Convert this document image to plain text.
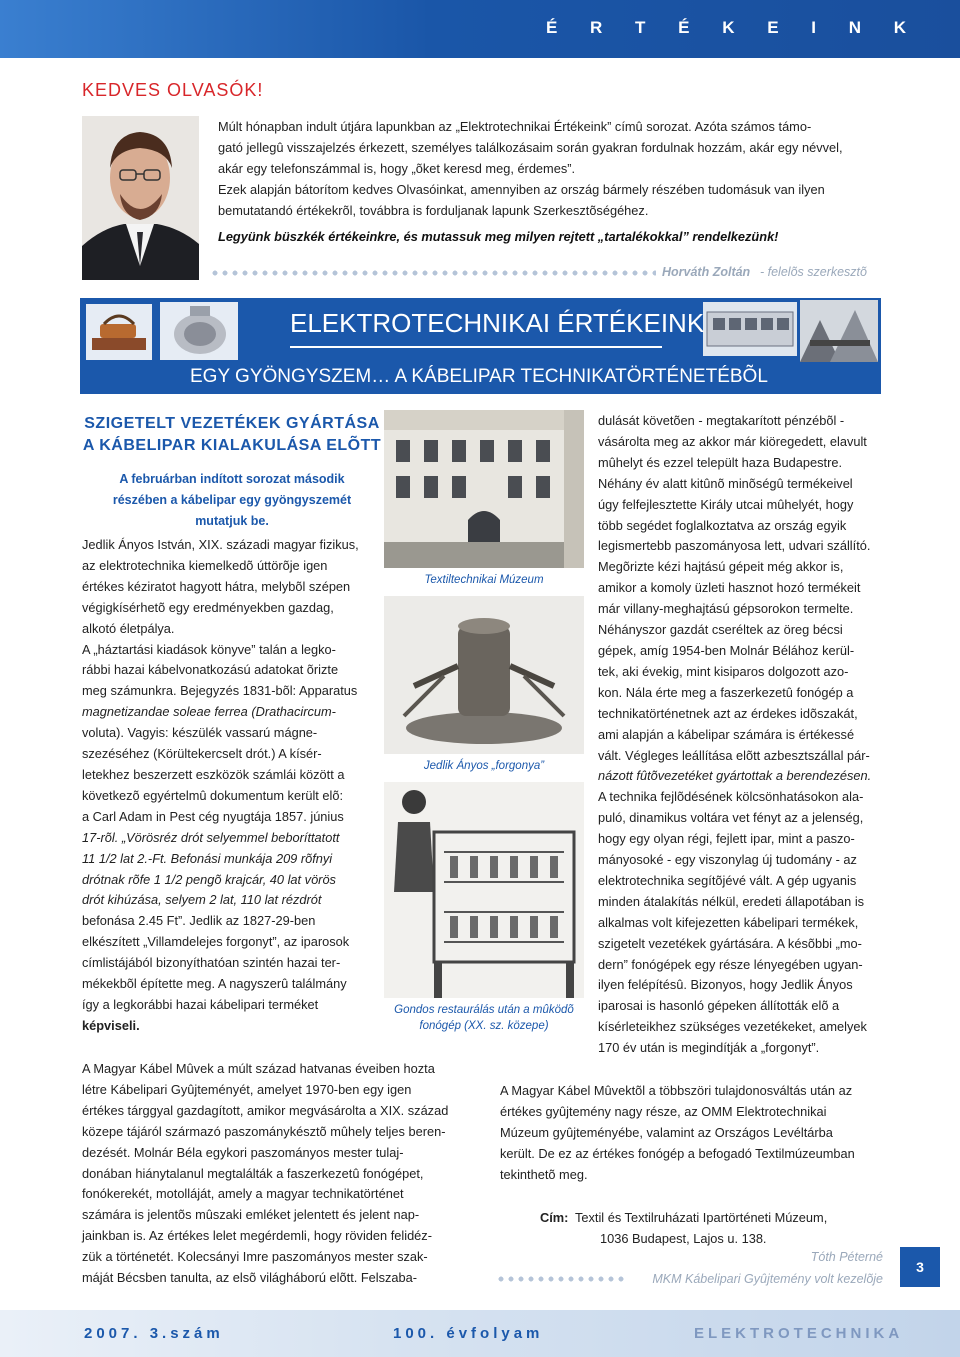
É R T É K E I N K
KEDVES OLVASÓK!
Múlt hónapban indult útjára lapunkban az „Elektrotechnikai Értékeink” címû sorozat. Azóta számos támo-
gató jellegû visszajelzés érkezett, személyes találkozásaim során gyakran fordulnak hozzám, akár egy névvel,
akár egy telefonszámmal is, hogy „õket keresd meg, érdemes”.
Ezek alapján bátorítom kedves Olvasóinkat, amennyiben az ország bármely részében tudomásuk van ilyen
bemutatandó értékekrõl, továbbra is forduljanak lapunk Szerkesztõségéhez.
Legyünk büszkék értékeinkre, és mutassuk meg milyen rejtett „tartalékokkal” rendelkezünk!
Horváth Zoltán - felelõs szerkesztõ
ELEKTROTECHNIKAI ÉRTÉKEINK
EGY GYÖNGYSZEM… A KÁBELIPAR TECHNIKATÖRTÉNETÉBÕL
SZIGETELT VEZETÉKEK GYÁRTÁSA
A KÁBELIPAR KIALAKULÁSA ELÕTT
A februárban indított sorozat második
részében a kábelipar egy gyöngyszemét
mutatjuk be.
Jedlik Ányos István, XIX. századi magyar fizikus,
az elektrotechnika kiemelkedõ úttörõje igen
értékes kéziratot hagyott hátra, melybõl szépen
végigkísérhetõ egy eredményekben gazdag,
alkotó életpálya.
A „háztartási kiadások könyve” talán a legko-
rábbi hazai kábelvonatkozású adatokat õrizte
meg számunkra. Bejegyzés 1831-bõl: Apparatus
magnetizandae soleae ferrea (Drathacircum-
voluta). Vagyis: készülék vassarú mágne-
szezéséhez (Körültekercselt drót.) A kísér-
letekhez beszerzett eszközök számlái között a
következõ egyértelmû dokumentum került elõ:
a Carl Adam in Pest cég nyugtája 1857. június
17-rõl. „Vörösréz drót selyemmel beboríttatott
11 1/2 lat 2.-Ft. Befonási munkája 209 rõfnyi
drótnak rõfe 1 1/2 pengõ krajcár, 40 lat vörös
drót kihúzása, selyem 2 lat, 110 lat rézdrót
befonása 2.45 Ft”. Jedlik az 1827-29-ben
elkészített „Villamdelejes forgonyt”, az iparosok
címlistájából bizonyíthatóan szintén hazai ter-
mékekbõl építette meg. A nagyszerû találmány
így a legkorábbi hazai kábelipari terméket
képviseli.
Textiltechnikai Múzeum
Jedlik Ányos „forgonya”
Gondos restaurálás után a mûködõ
fonógép (XX. sz. közepe)
dulását követõen - megtakarított pénzébõl -
vásárolta meg az akkor már kiöregedett, elavult
mûhelyt és ezzel települt haza Budapestre.
Néhány év alatt kitûnõ minõségû termékeivel
úgy felfejlesztette Király utcai mûhelyét, hogy
több segédet foglalkoztatva az ország egyik
legismertebb paszományosa lett, udvari szállító.
Megõrizte kézi hajtású gépeit még akkor is,
amikor a komoly üzleti hasznot hozó termékeit
már villany-meghajtású gépsorokon termelte.
Néhányszor gazdát cseréltek az öreg bécsi
gépek, amíg 1954-ben Molnár Bélához kerül-
tek, aki évekig, mint kisiparos dolgozott azo-
kon. Nála érte meg a faszerkezetû fonógép a
technikatörténetnek azt az érdekes idõszakát,
ami alapján a kábelipar számára is értékessé
vált. Végleges leállítása elõtt azbesztszállal pár-
názott fûtõvezetéket gyártottak a berendezésen.
A technika fejlõdésének kölcsönhatásokon ala-
puló, dinamikus voltára vet fényt az a jelenség,
hogy egy olyan régi, fejlett ipar, mint a paszo-
mányosoké - egy viszonylag új tudomány - az
elektrotechnika segítõjévé vált. A gép ugyanis
minden átalakítás nélkül, eredeti állapotában is
alkalmas volt kifejezetten kábelipari termékek,
szigetelt vezetékek gyártására. A késõbbi „mo-
dern” fonógépek egy része lényegében ugyan-
ilyen felépítésû. Bizonyos, hogy Jedlik Ányos
iparosai is hasonló gépeken állították elõ a
kísérleteikhez szükséges vezetékeket, amelyek
170 év után is megindítják a „forgonyt”.
A Magyar Kábel Mûvek a múlt század hatvanas éveiben hozta
létre Kábelipari Gyûjteményét, amelyet 1970-ben egy igen
értékes tárggyal gazdagított, amikor megvásárolta a XIX. század
közepe tájáról származó paszománykésztõ mûhely teljes beren-
dezését. Molnár Béla egykori paszományos mester tulaj-
donában hiánytalanul megtalálták a faszerkezetû fonógépet,
fonókerekét, motolláját, amely a magyar technikatörténet
számára is jelentõs mûszaki emléket jelentett és jelent nap-
jainkban is. Az értékes lelet megérdemli, hogy röviden felidéz-
zük a történetét. Kolecsányi Imre paszományos mester szak-
máját Bécsben tanulta, az elsõ világháború elõtt. Felszaba-
A Magyar Kábel Mûvektõl a többszöri tulajdonosváltás után az
értékes gyûjtemény nagy része, az OMM Elektrotechnikai
Múzeum gyûjteményébe, valamint az Országos Levéltárba
került. De ez az értékes fonógép a befogadó Textilmúzeumban
tekinthetõ meg.
Cím: Textil és Textilruházati Ipartörténeti Múzeum,
1036 Budapest, Lajos u. 138.
Tóth Péterné
MKM Kábelipari Gyûjtemény volt kezelõje
3
2007. 3.szám	100. évfolyam	ELEKTROTECHNIKA
